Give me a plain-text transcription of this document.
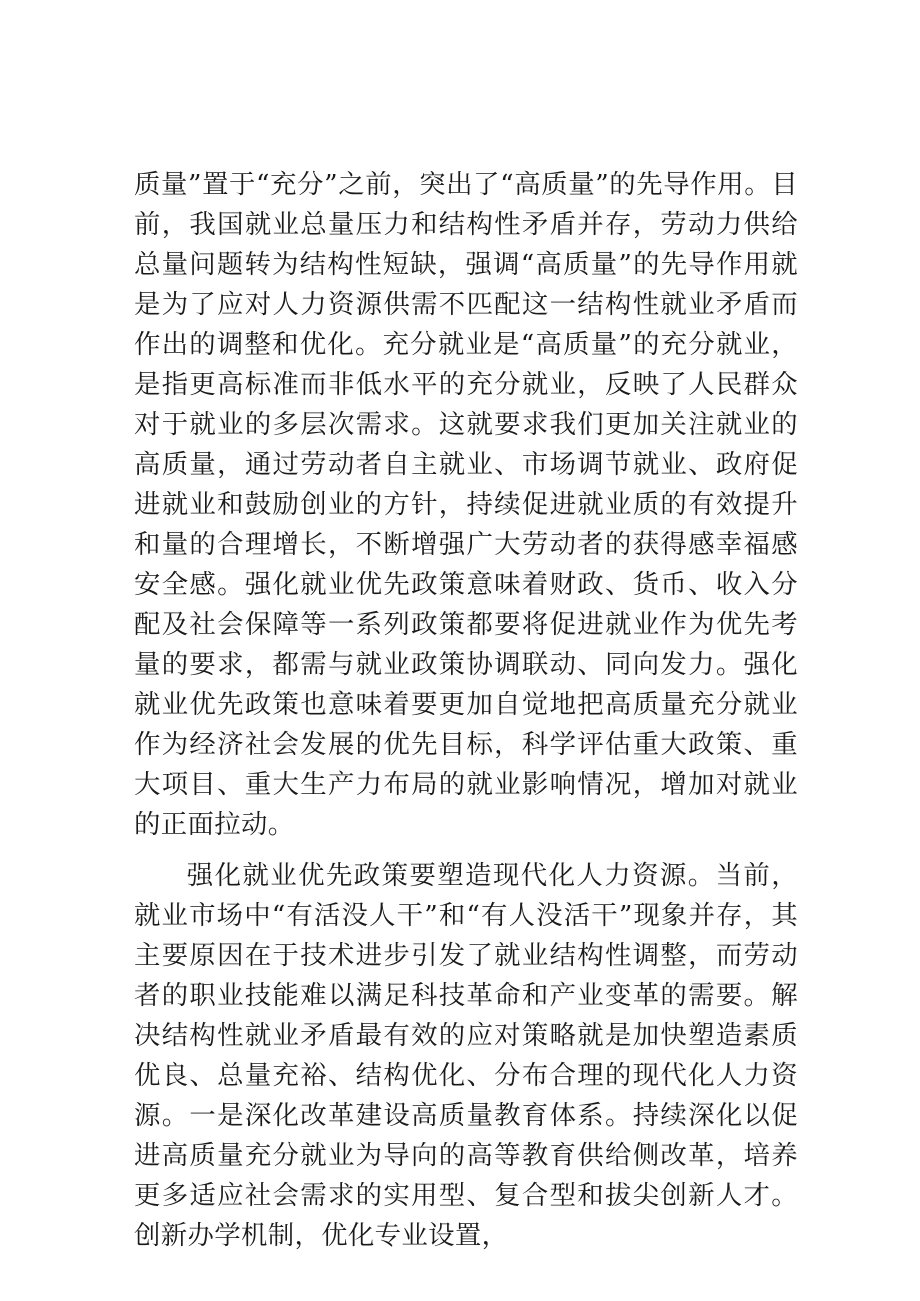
质量”置于“充分”之前，突出了“高质量”的先导作用。目前，我国就业总量压力和结构性矛盾并存，劳动力供给总量问题转为结构性短缺，强调“高质量”的先导作用就是为了应对人力资源供需不匹配这一结构性就业矛盾而作出的调整和优化。充分就业是“高质量”的充分就业，是指更高标准而非低水平的充分就业，反映了人民群众对于就业的多层次需求。这就要求我们更加关注就业的高质量，通过劳动者自主就业、市场调节就业、政府促进就业和鼓励创业的方针，持续促进就业质的有效提升和量的合理增长，不断增强广大劳动者的获得感幸福感安全感。强化就业优先政策意味着财政、货币、收入分配及社会保障等一系列政策都要将促进就业作为优先考量的要求，都需与就业政策协调联动、同向发力。强化就业优先政策也意味着要更加自觉地把高质量充分就业作为经济社会发展的优先目标，科学评估重大政策、重大项目、重大生产力布局的就业影响情况，增加对就业的正面拉动。

强化就业优先政策要塑造现代化人力资源。当前，就业市场中“有活没人干”和“有人没活干”现象并存，其主要原因在于技术进步引发了就业结构性调整，而劳动者的职业技能难以满足科技革命和产业变革的需要。解决结构性就业矛盾最有效的应对策略就是加快塑造素质优良、总量充裕、结构优化、分布合理的现代化人力资源。一是深化改革建设高质量教育体系。持续深化以促进高质量充分就业为导向的高等教育供给侧改革，培养更多适应社会需求的实用型、复合型和拔尖创新人才。创新办学机制，优化专业设置，
